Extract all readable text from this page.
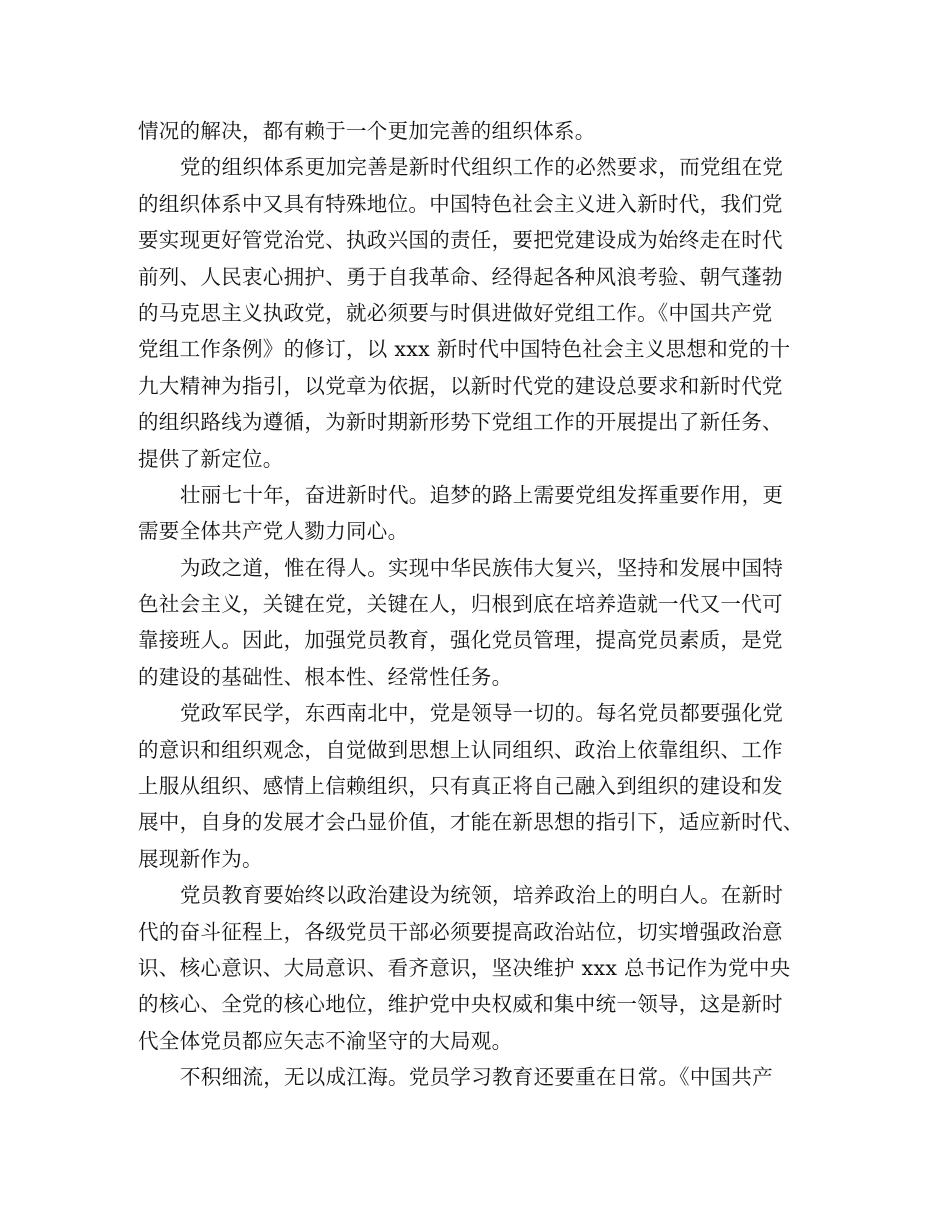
情况的解决，都有赖于一个更加完善的组织体系。
党的组织体系更加完善是新时代组织工作的必然要求，而党组在党
的组织体系中又具有特殊地位。中国特色社会主义进入新时代，我们党
要实现更好管党治党、执政兴国的责任，要把党建设成为始终走在时代
前列、人民衷心拥护、勇于自我革命、经得起各种风浪考验、朝气蓬勃
的马克思主义执政党，就必须要与时俱进做好党组工作。《中国共产党
党组工作条例》的修订，以 xxx 新时代中国特色社会主义思想和党的十
九大精神为指引，以党章为依据，以新时代党的建设总要求和新时代党
的组织路线为遵循，为新时期新形势下党组工作的开展提出了新任务、
提供了新定位。
壮丽七十年，奋进新时代。追梦的路上需要党组发挥重要作用，更
需要全体共产党人勠力同心。
为政之道，惟在得人。实现中华民族伟大复兴，坚持和发展中国特
色社会主义，关键在党，关键在人，归根到底在培养造就一代又一代可
靠接班人。因此，加强党员教育，强化党员管理，提高党员素质，是党
的建设的基础性、根本性、经常性任务。
党政军民学，东西南北中，党是领导一切的。每名党员都要强化党
的意识和组织观念，自觉做到思想上认同组织、政治上依靠组织、工作
上服从组织、感情上信赖组织，只有真正将自己融入到组织的建设和发
展中，自身的发展才会凸显价值，才能在新思想的指引下，适应新时代、
展现新作为。
党员教育要始终以政治建设为统领，培养政治上的明白人。在新时
代的奋斗征程上，各级党员干部必须要提高政治站位，切实增强政治意
识、核心意识、大局意识、看齐意识，坚决维护 xxx 总书记作为党中央
的核心、全党的核心地位，维护党中央权威和集中统一领导，这是新时
代全体党员都应矢志不渝坚守的大局观。
不积细流，无以成江海。党员学习教育还要重在日常。《中国共产
